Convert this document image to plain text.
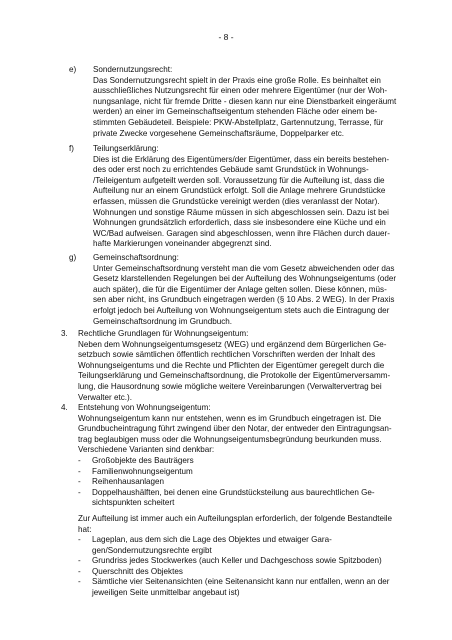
- 8 -
e) Sondernutzungsrecht:
Das Sondernutzungsrecht spielt in der Praxis eine große Rolle. Es beinhaltet ein
ausschließliches Nutzungsrecht für einen oder mehrere Eigentümer (nur der Woh-
nungsanlage, nicht für fremde Dritte - diesen kann nur eine Dienstbarkeit eingeräumt
werden) an einer im Gemeinschaftseigentum stehenden Fläche oder einem be-
stimmten Gebäudeteil. Beispiele: PKW-Abstellplatz, Gartennutzung, Terrasse, für
private Zwecke vorgesehene Gemeinschaftsräume, Doppelparker etc.
f) Teilungserklärung:
Dies ist die Erklärung des Eigentümers/der Eigentümer, dass ein bereits bestehen-
des oder erst noch zu errichtendes Gebäude samt Grundstück in Wohnungs-
/Teileigentum aufgeteilt werden soll. Voraussetzung für die Aufteilung ist, dass die
Aufteilung nur an einem Grundstück erfolgt. Soll die Anlage mehrere Grundstücke
erfassen, müssen die Grundstücke vereinigt werden (dies veranlasst der Notar).
Wohnungen und sonstige Räume müssen in sich abgeschlossen sein. Dazu ist bei
Wohnungen grundsätzlich erforderlich, dass sie insbesondere eine Küche und ein
WC/Bad aufweisen. Garagen sind abgeschlossen, wenn ihre Flächen durch dauer-
hafte Markierungen voneinander abgegrenzt sind.
g) Gemeinschaftsordnung:
Unter Gemeinschaftsordnung versteht man die vom Gesetz abweichenden oder das
Gesetz klarstellenden Regelungen bei der Aufteilung des Wohnungseigentums (oder
auch später), die für die Eigentümer der Anlage gelten sollen. Diese können, müs-
sen aber nicht, ins Grundbuch eingetragen werden (§ 10 Abs. 2 WEG). In der Praxis
erfolgt jedoch bei Aufteilung von Wohnungseigentum stets auch die Eintragung der
Gemeinschaftsordnung im Grundbuch.
3. Rechtliche Grundlagen für Wohnungseigentum:
Neben dem Wohnungseigentumsgesetz (WEG) und ergänzend dem Bürgerlichen Ge-
setzbuch sowie sämtlichen öffentlich rechtlichen Vorschriften werden der Inhalt des
Wohnungseigentums und die Rechte und Pflichten der Eigentümer geregelt durch die
Teilungserklärung und Gemeinschaftsordnung, die Protokolle der Eigentümerversamm-
lung, die Hausordnung sowie mögliche weitere Vereinbarungen (Verwaltervertrag bei
Verwalter etc.).
4. Entstehung von Wohnungseigentum:
Wohnungseigentum kann nur entstehen, wenn es im Grundbuch eingetragen ist. Die
Grundbucheintragung führt zwingend über den Notar, der entweder den Eintragungsan-
trag beglaubigen muss oder die Wohnungseigentumsbegründung beurkunden muss.
Verschiedene Varianten sind denkbar:
- Großobjekte des Bauträgers
- Familienwohnungseigentum
- Reihenhausanlagen
- Doppelhaushälften, bei denen eine Grundstücksteilung aus baurechtlichen Ge-
sichtspunkten scheitert
Zur Aufteilung ist immer auch ein Aufteilungsplan erforderlich, der folgende Bestandteile
hat:
- Lageplan, aus dem sich die Lage des Objektes und etwaiger Gara-
gen/Sondernutzungsrechte ergibt
- Grundriss jedes Stockwerkes (auch Keller und Dachgeschoss sowie Spitzboden)
- Querschnitt des Objektes
- Sämtliche vier Seitenansichten (eine Seitenansicht kann nur entfallen, wenn an der
jeweiligen Seite unmittelbar angebaut ist)
